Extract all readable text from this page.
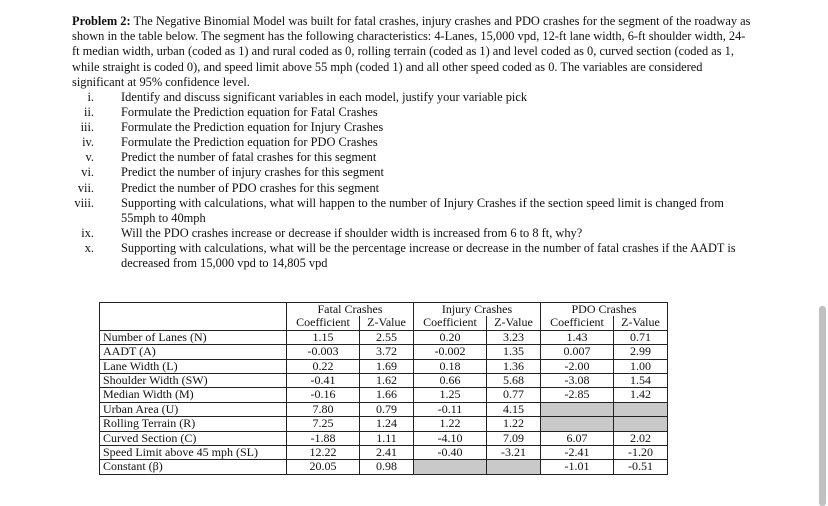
Problem 2: The Negative Binomial Model was built for fatal crashes, injury crashes and PDO crashes for the segment of the roadway as shown in the table below. The segment has the following characteristics: 4-Lanes, 15,000 vpd, 12-ft lane width, 6-ft shoulder width, 24-ft median width, urban (coded as 1) and rural coded as 0, rolling terrain (coded as 1) and level coded as 0, curved section (coded as 1, while straight is coded 0), and speed limit above 55 mph (coded 1) and all other speed coded as 0. The variables are considered significant at 95% confidence level.

i. Identify and discuss significant variables in each model, justify your variable pick
ii. Formulate the Prediction equation for Fatal Crashes
iii. Formulate the Prediction equation for Injury Crashes
iv. Formulate the Prediction equation for PDO Crashes
v. Predict the number of fatal crashes for this segment
vi. Predict the number of injury crashes for this segment
vii. Predict the number of PDO crashes for this segment
viii. Supporting with calculations, what will happen to the number of Injury Crashes if the section speed limit is changed from 55mph to 40mph
ix. Will the PDO crashes increase or decrease if shoulder width is increased from 6 to 8 ft, why?
x. Supporting with calculations, what will be the percentage increase or decrease in the number of fatal crashes if the AADT is decreased from 15,000 vpd to 14,805 vpd
	Fatal Crashes		Injury Crashes		PDO Crashes	
	Coefficient	Z-Value	Coefficient	Z-Value	Coefficient	Z-Value
Number of Lanes (N)	1.15	2.55	0.20	3.23	1.43	0.71
AADT (A)	-0.003	3.72	-0.002	1.35	0.007	2.99
Lane Width (L)	0.22	1.69	0.18	1.36	-2.00	1.00
Shoulder Width (SW)	-0.41	1.62	0.66	5.68	-3.08	1.54
Median Width (M)	-0.16	1.66	1.25	0.77	-2.85	1.42
Urban Area (U)	7.80	0.79	-0.11	4.15		
Rolling Terrain (R)	7.25	1.24	1.22	1.22		
Curved Section (C)	-1.88	1.11	-4.10	7.09	6.07	2.02
Speed Limit above 45 mph (SL)	12.22	2.41	-0.40	-3.21	-2.41	-1.20
Constant (β)	20.05	0.98			-1.01	-0.51
